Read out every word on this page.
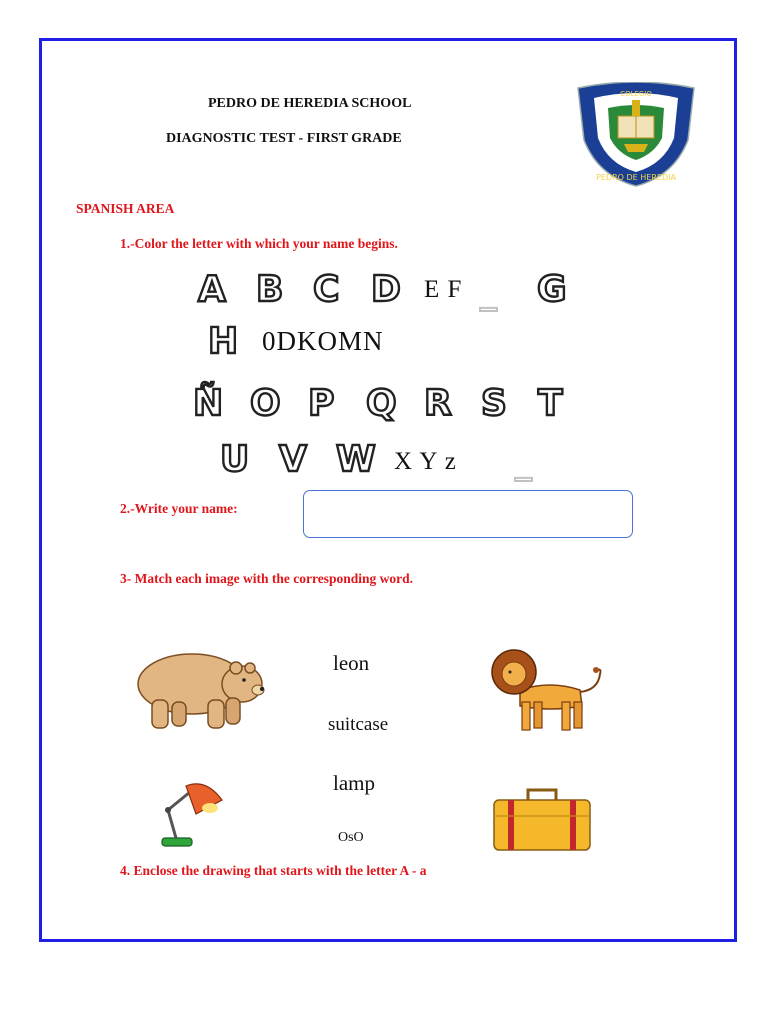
PEDRO DE HEREDIA SCHOOL
DIAGNOSTIC TEST - FIRST GRADE
COLEGIO
PEDRO DE HEREDIA
SPANISH AREA
1.-Color the letter with which your name begins.
A B C D E F _ G
H 0DKOMN
Ñ O P Q R S T
U V W X Y z _
2.-Write your name:
3- Match each image with the corresponding word.
leon
suitcase
lamp
OsO
4. Enclose the drawing that starts with the letter A - a
